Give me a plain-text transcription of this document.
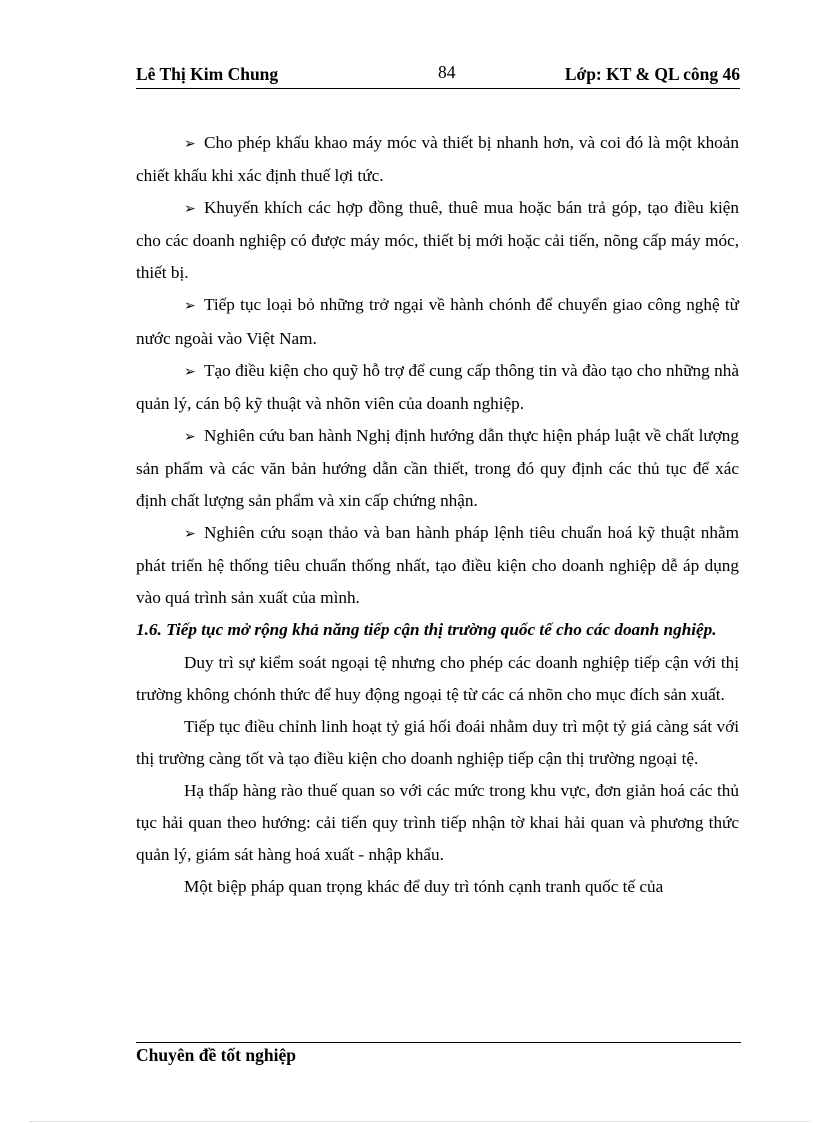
Lê Thị Kim Chung	84	Lớp: KT & QL công 46

➢ Cho phép khấu khao máy móc và thiết bị nhanh hơn, và coi đó là một khoản chiết khấu khi xác định thuế lợi tức.

➢ Khuyến khích các hợp đồng thuê, thuê mua hoặc bán trả góp, tạo điều kiện cho các doanh nghiệp có được máy móc, thiết bị mới hoặc cải tiến, nõng cấp máy móc, thiết bị.

➢ Tiếp tục loại bỏ những trở ngại về hành chónh để chuyển giao công nghệ từ nước ngoài vào Việt Nam.

➢ Tạo điều kiện cho quỹ hỗ trợ để cung cấp thông tin và đào tạo cho những nhà quản lý, cán bộ kỹ thuật và nhõn viên của doanh nghiệp.

➢ Nghiên cứu ban hành Nghị định hướng dẫn thực hiện pháp luật về chất lượng sản phẩm và các văn bản hướng dẫn cần thiết, trong đó quy định các thủ tục để xác định chất lượng sản phẩm và xin cấp chứng nhận.

➢ Nghiên cứu soạn thảo và ban hành pháp lệnh tiêu chuẩn hoá kỹ thuật nhằm phát triển hệ thống tiêu chuẩn thống nhất, tạo điều kiện cho doanh nghiệp dễ áp dụng vào quá trình sản xuất của mình.

1.6. Tiếp tục mở rộng khả năng tiếp cận thị trường quốc tế cho các doanh nghiệp.

Duy trì sự kiểm soát ngoại tệ nhưng cho phép các doanh nghiệp tiếp cận với thị trường không chónh thức để huy động ngoại tệ từ các cá nhõn cho mục đích sản xuất.

Tiếp tục điều chỉnh linh hoạt tỷ giá hối đoái nhằm duy trì một tỷ giá càng sát với thị trường càng tốt và tạo điều kiện cho doanh nghiệp tiếp cận thị trường ngoại tệ.

Hạ thấp hàng rào thuế quan so với các mức trong khu vực, đơn giản hoá các thủ tục hải quan theo hướng: cải tiến quy trình tiếp nhận tờ khai hải quan và phương thức quản lý, giám sát hàng hoá xuất - nhập khẩu.

Một biệp pháp quan trọng khác để duy trì tónh cạnh tranh quốc tế của

Chuyên đề tốt nghiệp
